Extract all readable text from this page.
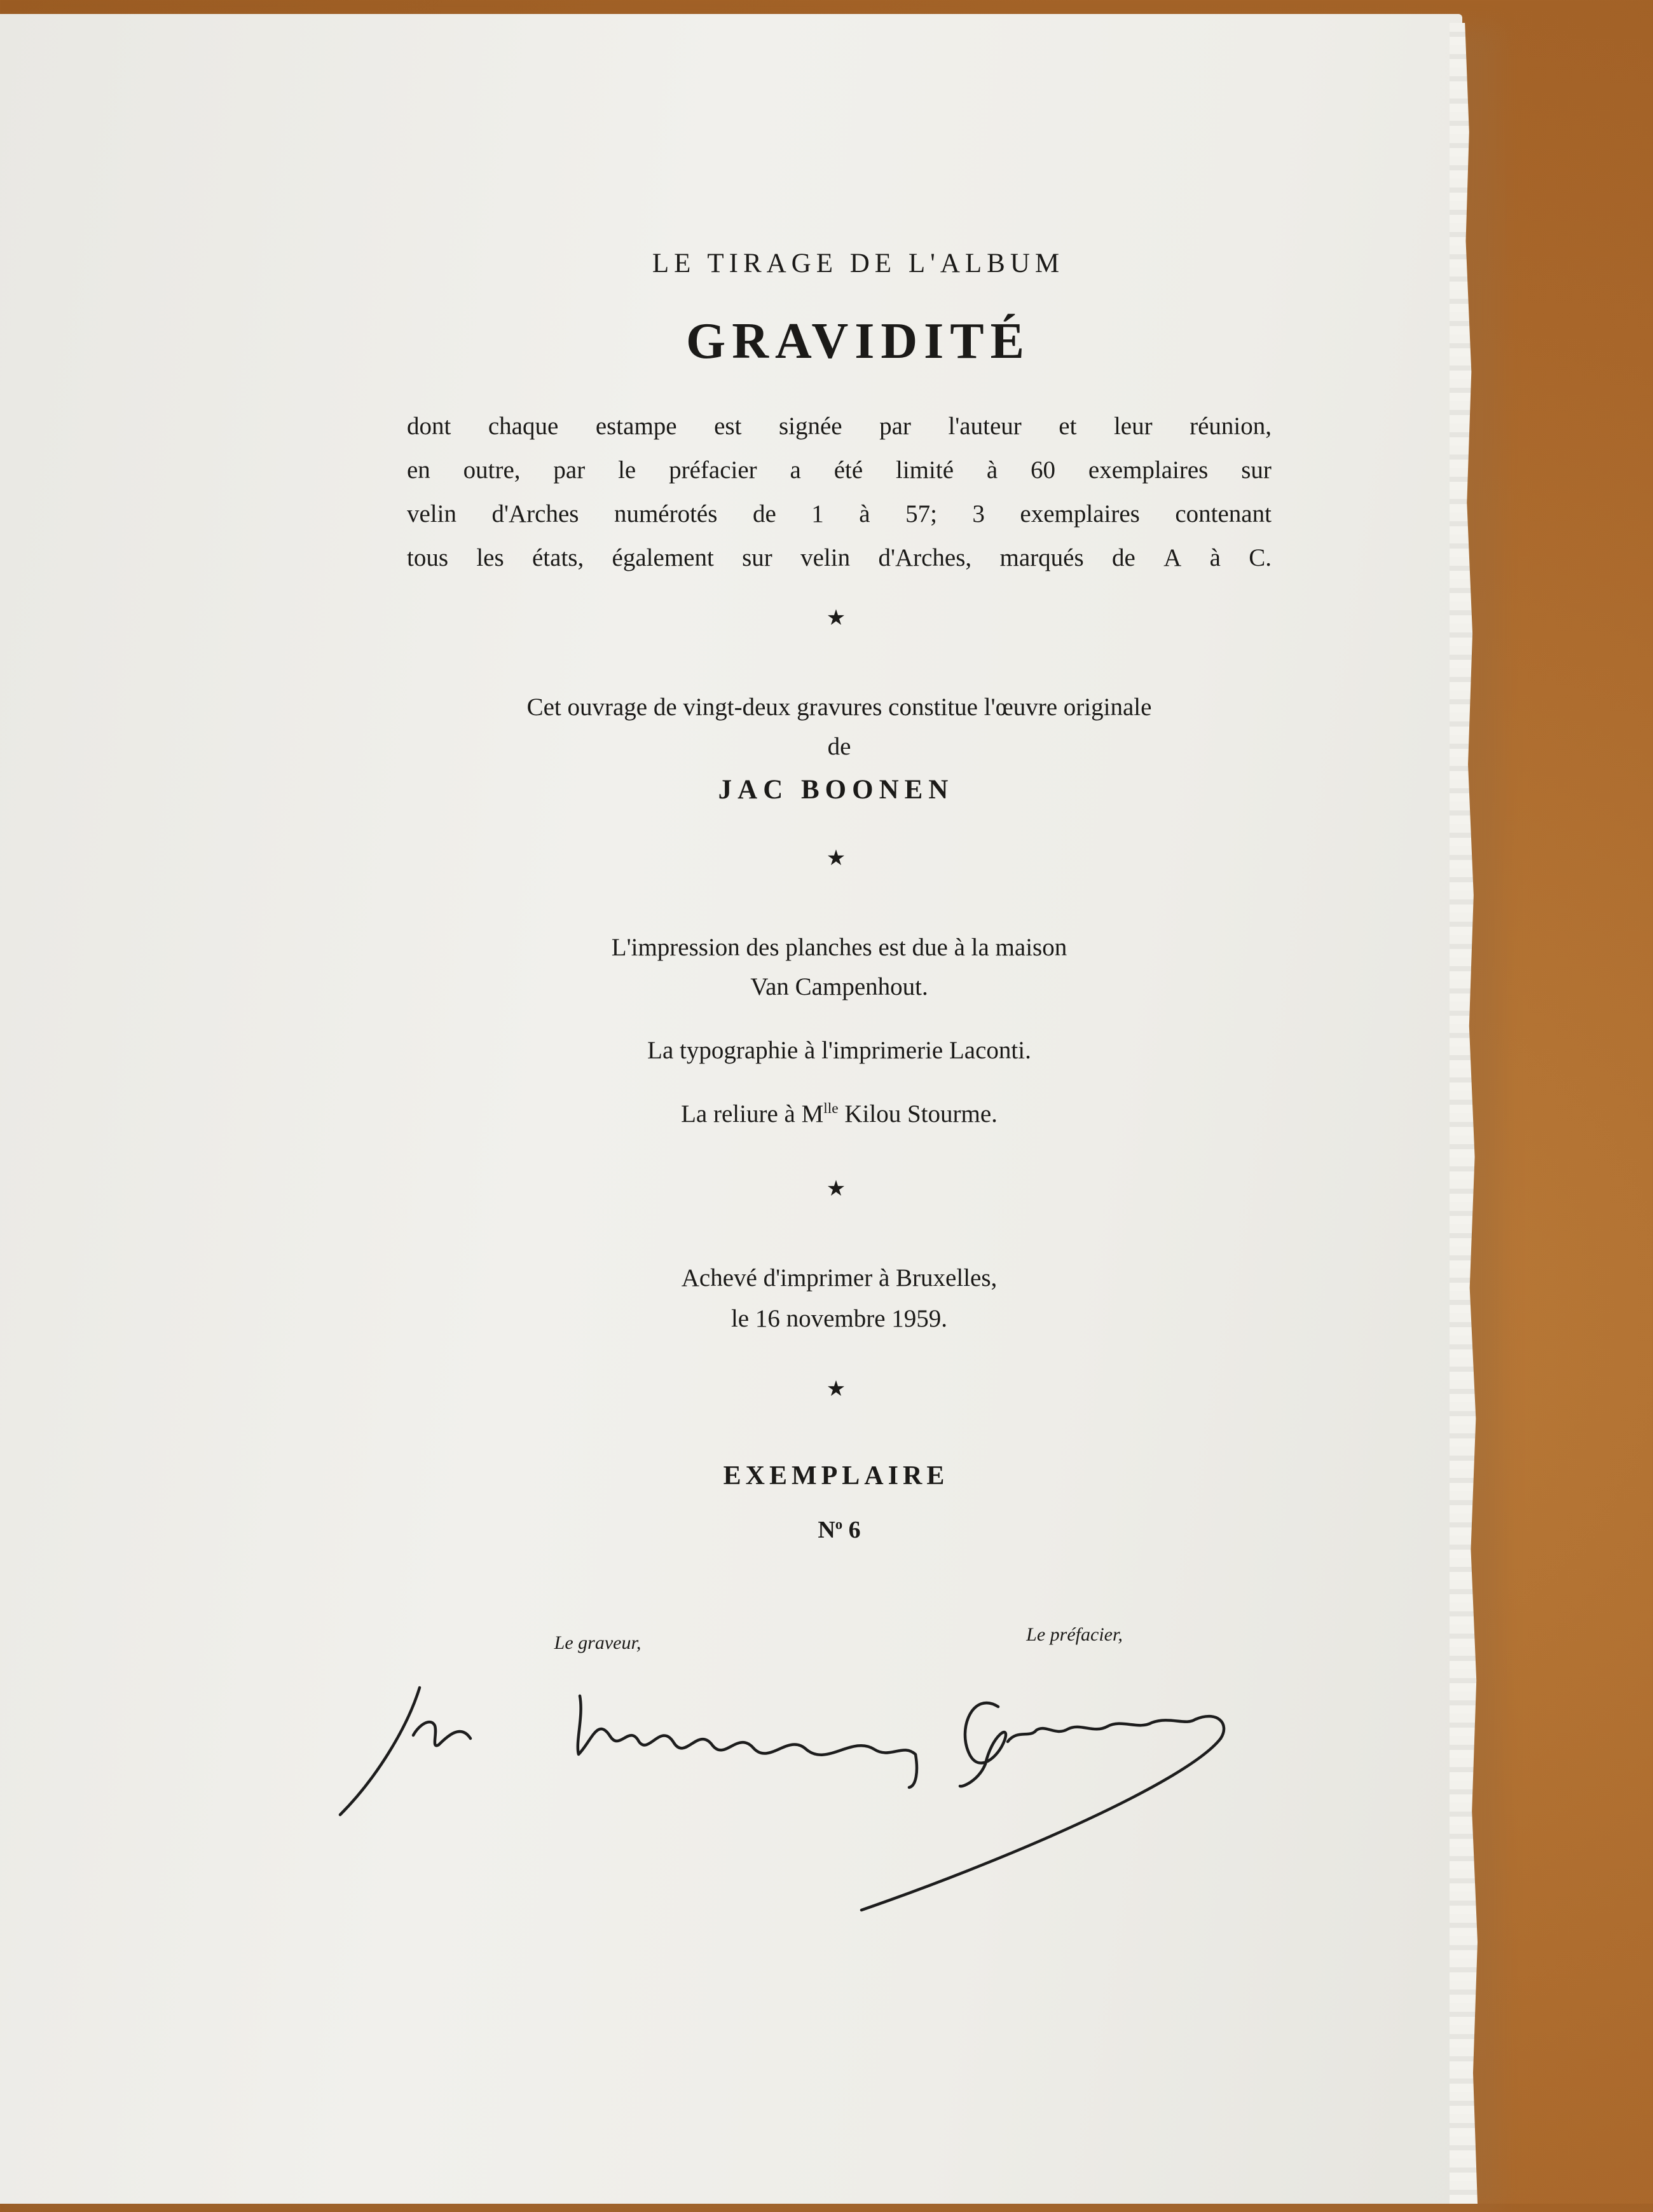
LE TIRAGE DE L'ALBUM
GRAVIDITÉ
dont chaque estampe est signée par l'auteur et leur réunion,
en outre, par le préfacier a été limité à 60 exemplaires sur
velin d'Arches numérotés de 1 à 57; 3 exemplaires contenant
tous les états, également sur velin d'Arches, marqués de A à C.
★
Cet ouvrage de vingt-deux gravures constitue l'œuvre originale
de
JAC BOONEN
★
L'impression des planches est due à la maison
Van Campenhout.
La typographie à l'imprimerie Laconti.
La reliure à $M^{lle}$ Kilou Stourme.
★
Achevé d'imprimer à Bruxelles,
le 16 novembre 1959.
★
EXEMPLAIRE
$N^o$ 6
Le graveur,	Le préfacier,
